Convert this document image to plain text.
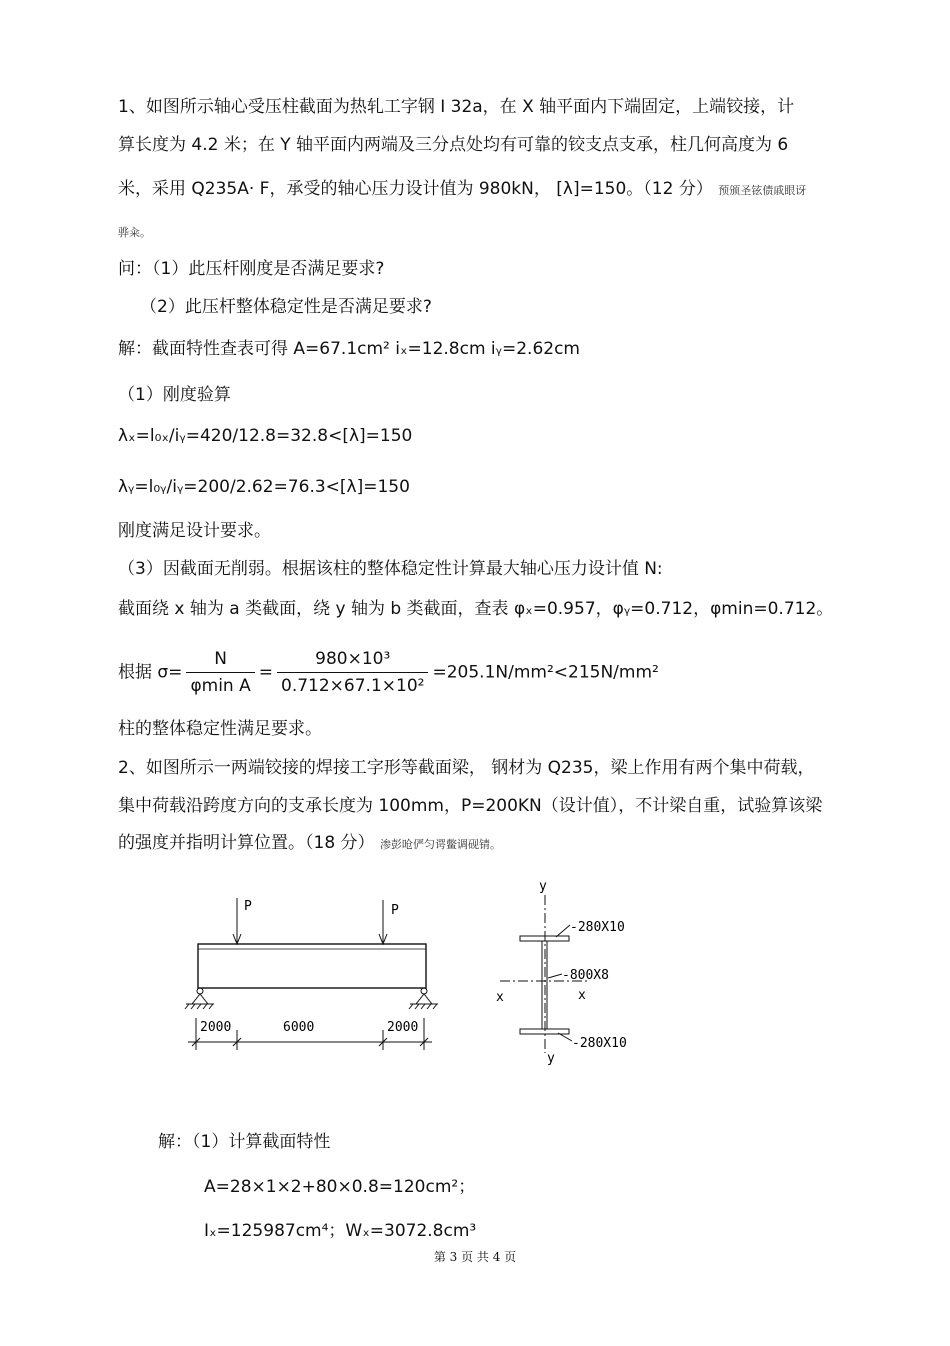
1、如图所示轴心受压柱截面为热轧工字钢 I 32a，在 X 轴平面内下端固定，上端铰接，计

算长度为 4.2 米；在 Y 轴平面内两端及三分点处均有可靠的铰支点支承，柱几何高度为 6

米，采用 Q235A· F，承受的轴心压力设计值为 980kN， [λ]=150。（12 分） 预颁圣铉债戚眼讶

骅籴。

问：（1）此压杆刚度是否满足要求?

（2）此压杆整体稳定性是否满足要求?

解：截面特性查表可得 A=67.1cm² iₓ=12.8cm iᵧ=2.62cm

（1）刚度验算

λₓ=l₀ₓ/iᵧ=420/12.8=32.8<[λ]=150

λᵧ=l₀ᵧ/iᵧ=200/2.62=76.3<[λ]=150

刚度满足设计要求。

（3）因截面无削弱。根据该柱的整体稳定性计算最大轴心压力设计值 N:

截面绕 x 轴为 a 类截面，绕 y 轴为 b 类截面，查表 φₓ=0.957，φᵧ=0.712，φmin=0.712。

根据 $\sigma= \frac{N}{\text{φmin A}} = \frac{\text{980×10³}}{\text{0.712×67.1×10²}} =205.1N/mm^2<215N/mm^2$

柱的整体稳定性满足要求。

2、如图所示一两端铰接的焊接工字形等截面梁， 钢材为 Q235，梁上作用有两个集中荷载，

集中荷载沿跨度方向的支承长度为 100mm，P=200KN（设计值），不计梁自重，试验算该梁

的强度并指明计算位置。（18 分） 渗彭呛俨匀谔鳖调砚锖。

P	P
2000	6000	2000
y
y
x	x
-280X10
-800X8
-280X10

解：（1）计算截面特性

A=28×1×2+80×0.8=120cm²；

Iₓ=125987cm⁴；Wₓ=3072.8cm³

第 3 页 共 4 页
